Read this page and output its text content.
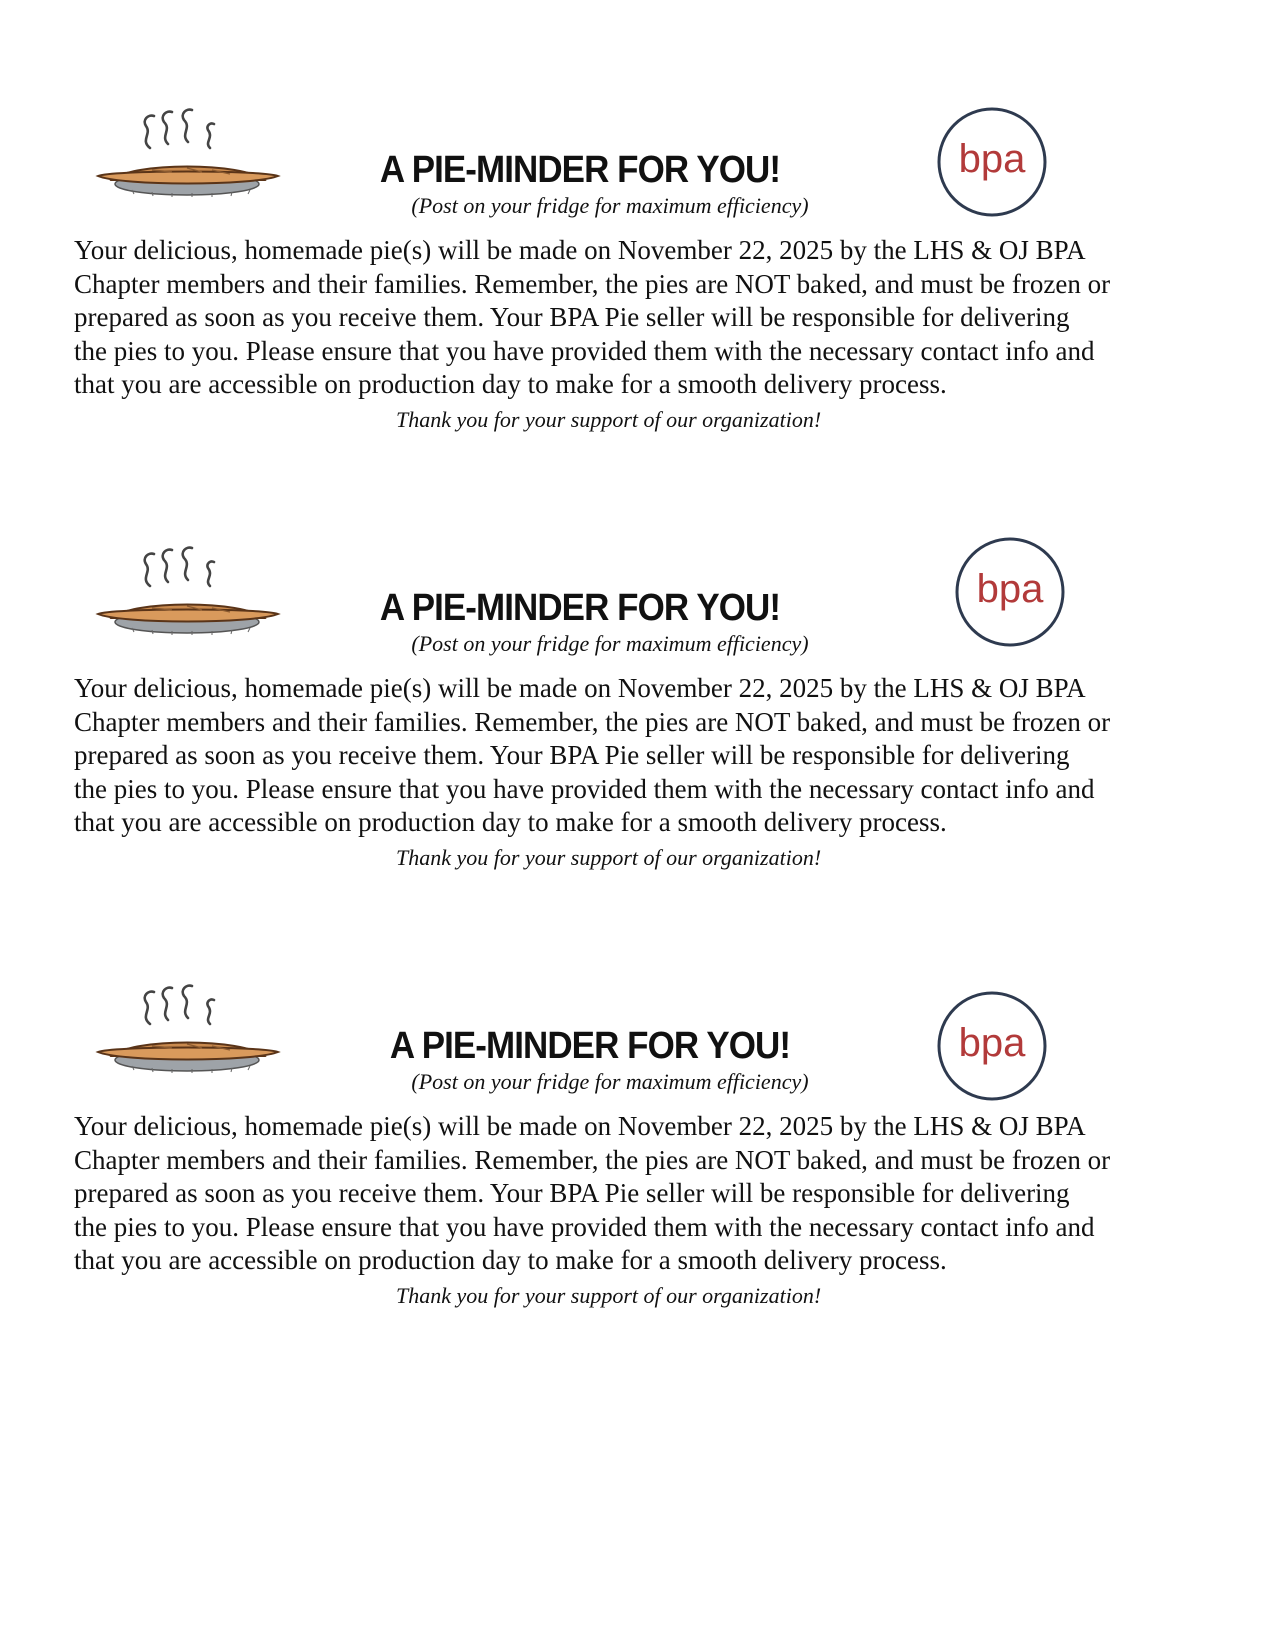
bpa
A PIE-MINDER FOR YOU!
(Post on your fridge for maximum efficiency)

Your delicious, homemade pie(s) will be made on November 22, 2025 by the LHS & OJ BPA
Chapter members and their families. Remember, the pies are NOT baked, and must be frozen or
prepared as soon as you receive them. Your BPA Pie seller will be responsible for delivering
the pies to you. Please ensure that you have provided them with the necessary contact info and
that you are accessible on production day to make for a smooth delivery process.

Thank you for your support of our organization!
bpa
A PIE-MINDER FOR YOU!
(Post on your fridge for maximum efficiency)

Your delicious, homemade pie(s) will be made on November 22, 2025 by the LHS & OJ BPA
Chapter members and their families. Remember, the pies are NOT baked, and must be frozen or
prepared as soon as you receive them. Your BPA Pie seller will be responsible for delivering
the pies to you. Please ensure that you have provided them with the necessary contact info and
that you are accessible on production day to make for a smooth delivery process.

Thank you for your support of our organization!
bpa
A PIE-MINDER FOR YOU!
(Post on your fridge for maximum efficiency)

Your delicious, homemade pie(s) will be made on November 22, 2025 by the LHS & OJ BPA
Chapter members and their families. Remember, the pies are NOT baked, and must be frozen or
prepared as soon as you receive them. Your BPA Pie seller will be responsible for delivering
the pies to you. Please ensure that you have provided them with the necessary contact info and
that you are accessible on production day to make for a smooth delivery process.

Thank you for your support of our organization!
